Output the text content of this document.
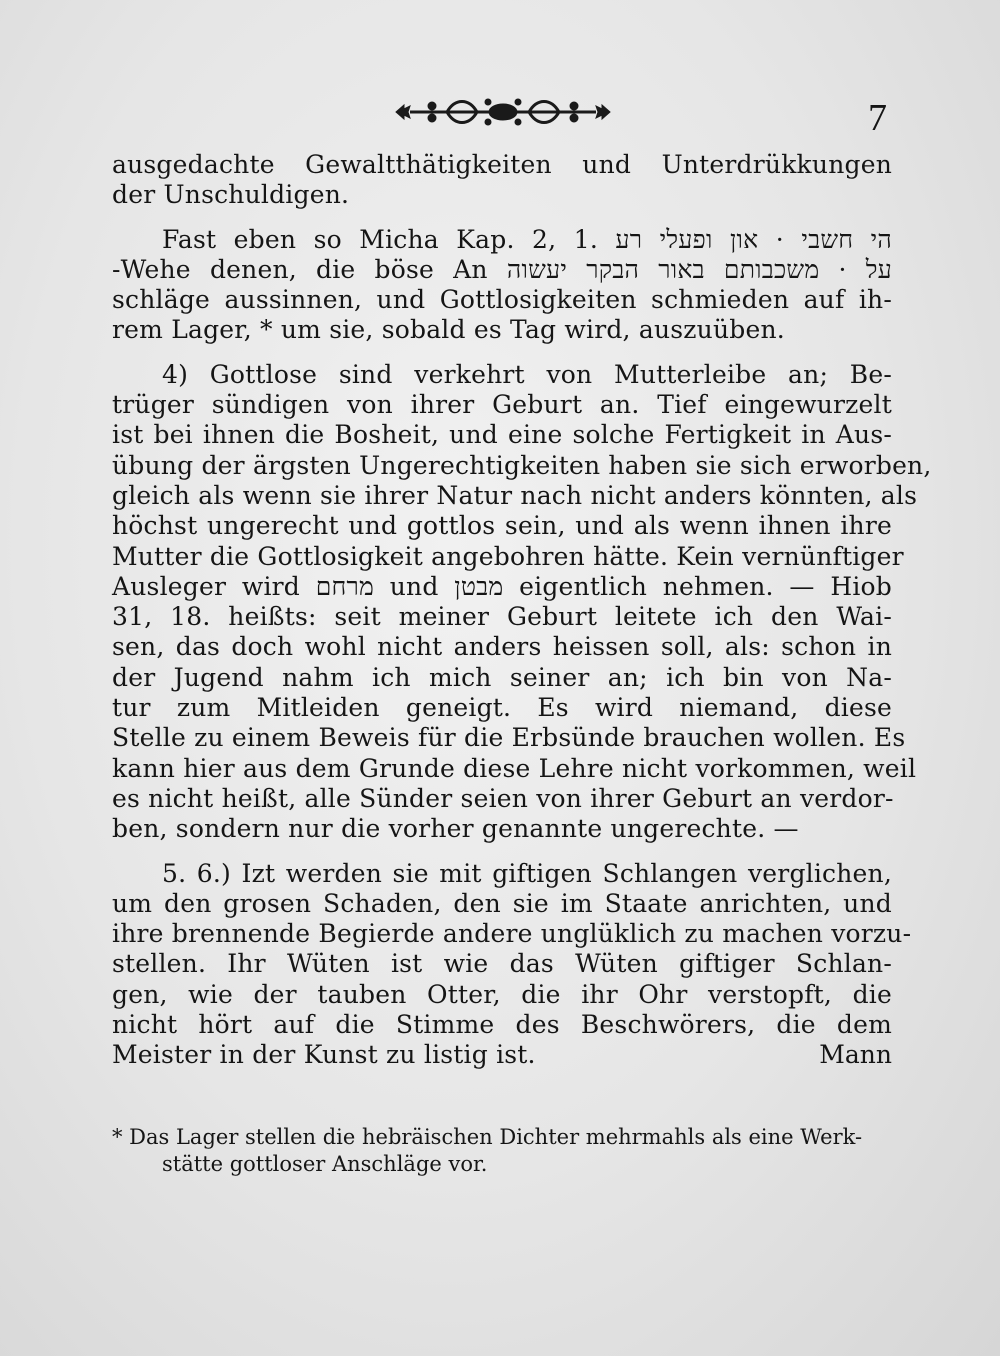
7
ausgedachte Gewaltthätigkeiten und Unterdrükkungen
der Unschuldigen.
Fast eben so Micha Kap. 2, 1. הי חשבי · און ופעלי רע
על · משכבותם באור הבקר יעשוה Wehe denen, die böse An-
schläge aussinnen, und Gottlosigkeiten schmieden auf ih-
rem Lager, * um sie, sobald es Tag wird, auszuüben.
4) Gottlose sind verkehrt von Mutterleibe an; Be-
trüger sündigen von ihrer Geburt an. Tief eingewurzelt
ist bei ihnen die Bosheit, und eine solche Fertigkeit in Aus-
übung der ärgsten Ungerechtigkeiten haben sie sich erworben,
gleich als wenn sie ihrer Natur nach nicht anders könnten, als
höchst ungerecht und gottlos sein, und als wenn ihnen ihre
Mutter die Gottlosigkeit angebohren hätte. Kein vernünftiger
Ausleger wird מרחם und מבטן eigentlich nehmen. — Hiob
31, 18. heißts: seit meiner Geburt leitete ich den Wai-
sen, das doch wohl nicht anders heissen soll, als: schon in
der Jugend nahm ich mich seiner an; ich bin von Na-
tur zum Mitleiden geneigt. Es wird niemand, diese
Stelle zu einem Beweis für die Erbsünde brauchen wollen. Es
kann hier aus dem Grunde diese Lehre nicht vorkommen, weil
es nicht heißt, alle Sünder seien von ihrer Geburt an verdor-
ben, sondern nur die vorher genannte ungerechte. —
5. 6.) Izt werden sie mit giftigen Schlangen verglichen,
um den grosen Schaden, den sie im Staate anrichten, und
ihre brennende Begierde andere unglüklich zu machen vorzu-
stellen. Ihr Wüten ist wie das Wüten giftiger Schlan-
gen, wie der tauben Otter, die ihr Ohr verstopft, die
nicht hört auf die Stimme des Beschwörers, die dem
Meister in der Kunst zu listig ist.	Mann
* Das Lager stellen die hebräischen Dichter mehrmahls als eine Werk-
stätte gottloser Anschläge vor.
